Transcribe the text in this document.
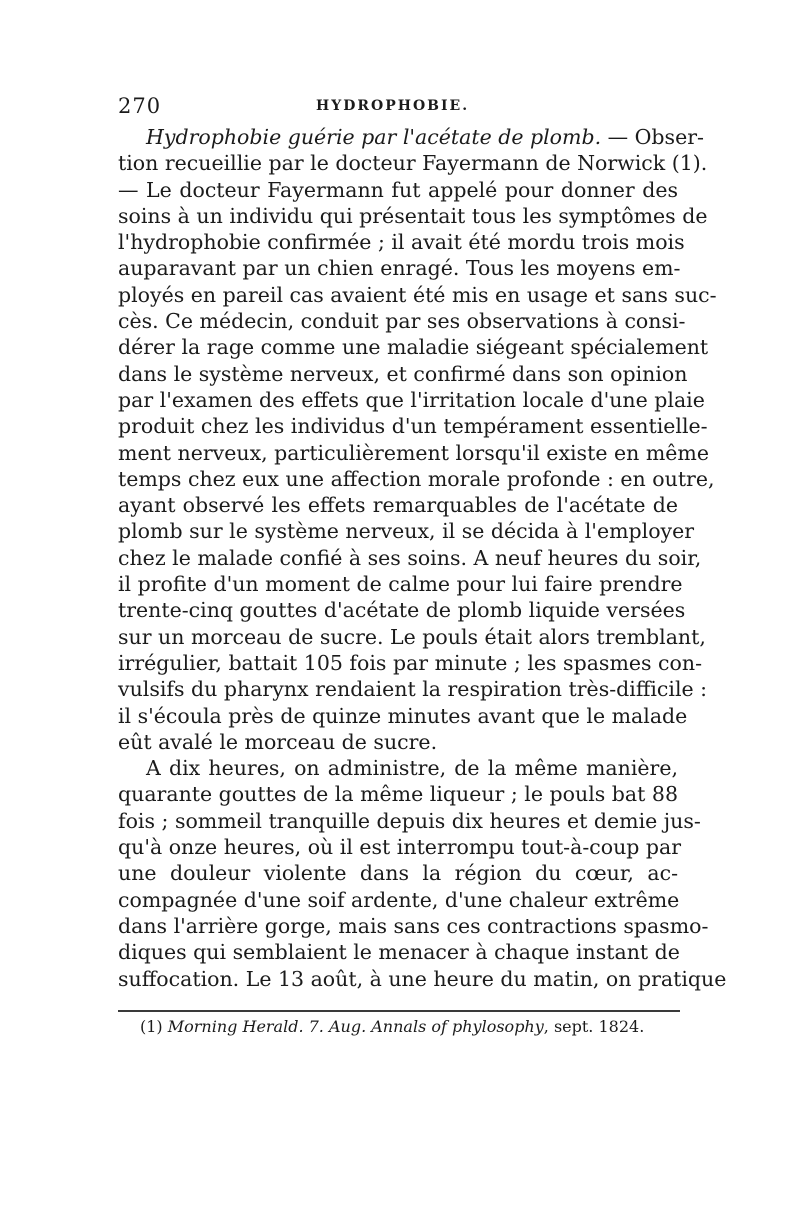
270	HYDROPHOBIE.
Hydrophobie guérie par l'acétate de plomb. — Obser-
tion recueillie par le docteur Fayermann de Norwick (1).
— Le docteur Fayermann fut appelé pour donner des
soins à un individu qui présentait tous les symptômes de
l'hydrophobie confirmée ; il avait été mordu trois mois
auparavant par un chien enragé. Tous les moyens em-
ployés en pareil cas avaient été mis en usage et sans suc-
cès. Ce médecin, conduit par ses observations à consi-
dérer la rage comme une maladie siégeant spécialement
dans le système nerveux, et confirmé dans son opinion
par l'examen des effets que l'irritation locale d'une plaie
produit chez les individus d'un tempérament essentielle-
ment nerveux, particulièrement lorsqu'il existe en même
temps chez eux une affection morale profonde : en outre,
ayant observé les effets remarquables de l'acétate de
plomb sur le système nerveux, il se décida à l'employer
chez le malade confié à ses soins. A neuf heures du soir,
il profite d'un moment de calme pour lui faire prendre
trente-cinq gouttes d'acétate de plomb liquide versées
sur un morceau de sucre. Le pouls était alors tremblant,
irrégulier, battait 105 fois par minute ; les spasmes con-
vulsifs du pharynx rendaient la respiration très-difficile :
il s'écoula près de quinze minutes avant que le malade
eût avalé le morceau de sucre.
A dix heures, on administre, de la même manière,
quarante gouttes de la même liqueur ; le pouls bat 88
fois ; sommeil tranquille depuis dix heures et demie jus-
qu'à onze heures, où il est interrompu tout-à-coup par
une douleur violente dans la région du cœur, ac-
compagnée d'une soif ardente, d'une chaleur extrême
dans l'arrière gorge, mais sans ces contractions spasmo-
diques qui semblaient le menacer à chaque instant de
suffocation. Le 13 août, à une heure du matin, on pratique
(1) Morning Herald. 7. Aug. Annals of phylosophy, sept. 1824.
